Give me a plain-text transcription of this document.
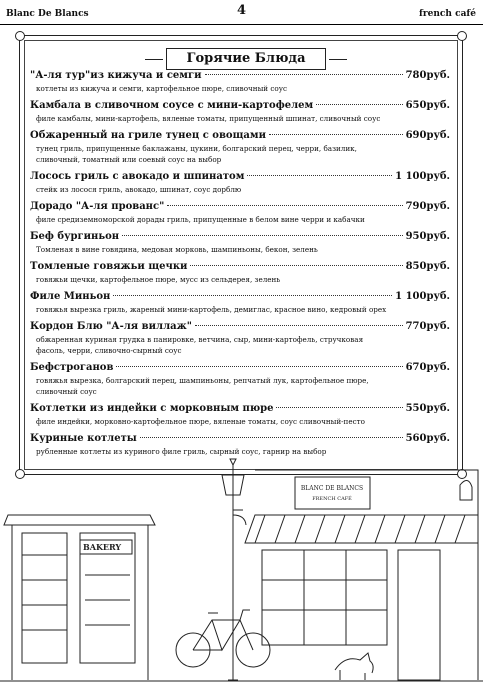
Blanc De Blancs	4	french café
Горячие Блюда
"А-ля тур"из кижуча и семги	780руб.
котлеты из кижуча и семги, картофельное пюре, сливочный соус
Камбала в сливочном соусе с мини-картофелем	650руб.
филе камбалы, мини-картофель, вяленые томаты, припущенный шпинат, сливочный соус
Обжаренный на гриле тунец с овощами	690руб.
тунец гриль, припущенные баклажаны, цукини, болгарский перец, черри, базилик,
сливочный, томатный или соевый соус на выбор
Лосось гриль с авокадо и шпинатом	1 100руб.
стейк из лосося гриль, авокадо, шпинат, соус дорблю
Дорадо "А-ля прованс"	790руб.
филе средиземноморской дорады гриль, припущенные в белом вине черри и кабачки
Беф бургиньон	950руб.
Томленая в вине говядина, медовая морковь, шампиньоны, бекон, зелень
Томленые говяжьи щечки	850руб.
говяжьи щечки, картофельное пюре, мусс из сельдерея, зелень
Филе Миньон	1 100руб.
говяжья вырезка гриль, жареный мини-картофель, демиглас, красное вино, кедровый орех
Кордон Блю "А-ля виллаж"	770руб.
обжаренная куриная грудка в панировке, ветчина, сыр, мини-картофель, стручковая
фасоль, черри, сливочно-сырный соус
Бефстроганов	670руб.
говяжья вырезка, болгарский перец, шампиньоны, репчатый лук, картофельное пюре,
сливочный соус
Котлетки из индейки с морковным пюре	550руб.
филе индейки, морковно-картофельное пюре, вяленые томаты, соус сливочный-песто
Куриные котлеты	560руб.
рубленные котлеты из куриного филе гриль, сырный соус, гарнир на выбор
BAKERY
BLANC DE BLANCS
FRENCH CAFÉ
